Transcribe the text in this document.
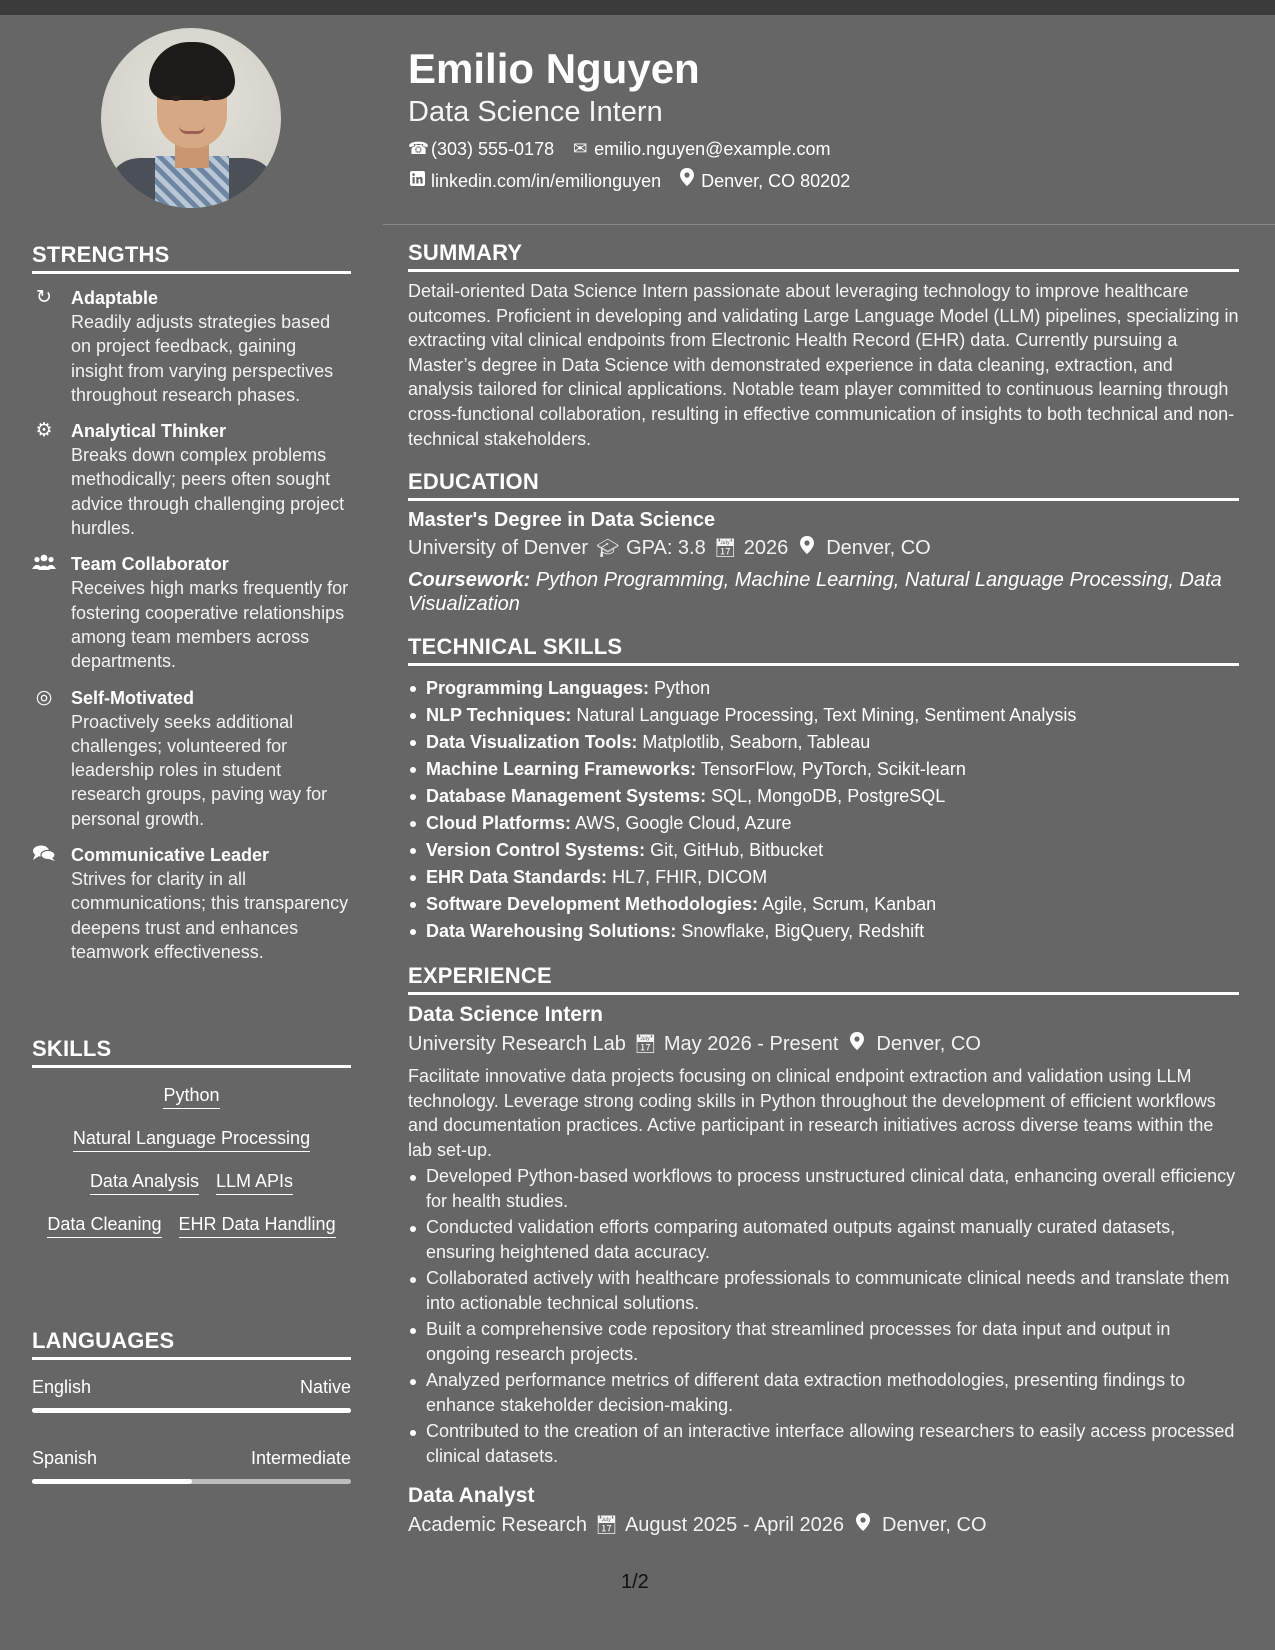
STRENGTHS
↻ Adaptable
Readily adjusts strategies based on project feedback, gaining insight from varying perspectives throughout research phases.
⚙ Analytical Thinker
Breaks down complex problems methodically; peers often sought advice through challenging project hurdles.
Team Collaborator
Receives high marks frequently for fostering cooperative relationships among team members across departments.
◎ Self-Motivated
Proactively seeks additional challenges; volunteered for leadership roles in student research groups, paving way for personal growth.
Communicative Leader
Strives for clarity in all communications; this transparency deepens trust and enhances teamwork effectiveness.
SKILLS
Python
Natural Language Processing
Data Analysis LLM APIs
Data Cleaning EHR Data Handling
LANGUAGES
English	Native
Spanish	Intermediate
Emilio Nguyen
Data Science Intern
☎ (303) 555-0178 ✉ emilio.nguyen@example.com
linkedin.com/in/emilionguyen Denver, CO 80202
SUMMARY
Detail-oriented Data Science Intern passionate about leveraging technology to improve healthcare outcomes. Proficient in developing and validating Large Language Model (LLM) pipelines, specializing in extracting vital clinical endpoints from Electronic Health Record (EHR) data. Currently pursuing a Master’s degree in Data Science with demonstrated experience in data cleaning, extraction, and analysis tailored for clinical applications. Notable team player committed to continuous learning through cross-functional collaboration, resulting in effective communication of insights to both technical and non-technical stakeholders.
EDUCATION
Master's Degree in Data Science
University of Denver 🎓︎ GPA: 3.8 📅︎ 2026 Denver, CO
Coursework: Python Programming, Machine Learning, Natural Language Processing, Data Visualization
TECHNICAL SKILLS
Programming Languages: Python
NLP Techniques: Natural Language Processing, Text Mining, Sentiment Analysis
Data Visualization Tools: Matplotlib, Seaborn, Tableau
Machine Learning Frameworks: TensorFlow, PyTorch, Scikit-learn
Database Management Systems: SQL, MongoDB, PostgreSQL
Cloud Platforms: AWS, Google Cloud, Azure
Version Control Systems: Git, GitHub, Bitbucket
EHR Data Standards: HL7, FHIR, DICOM
Software Development Methodologies: Agile, Scrum, Kanban
Data Warehousing Solutions: Snowflake, BigQuery, Redshift
EXPERIENCE
Data Science Intern
University Research Lab 📅︎ May 2026 - Present Denver, CO
Facilitate innovative data projects focusing on clinical endpoint extraction and validation using LLM technology. Leverage strong coding skills in Python throughout the development of efficient workflows and documentation practices. Active participant in research initiatives across diverse teams within the lab set-up.
Developed Python-based workflows to process unstructured clinical data, enhancing overall efficiency for health studies.
Conducted validation efforts comparing automated outputs against manually curated datasets, ensuring heightened data accuracy.
Collaborated actively with healthcare professionals to communicate clinical needs and translate them into actionable technical solutions.
Built a comprehensive code repository that streamlined processes for data input and output in ongoing research projects.
Analyzed performance metrics of different data extraction methodologies, presenting findings to enhance stakeholder decision-making.
Contributed to the creation of an interactive interface allowing researchers to easily access processed clinical datasets.
Data Analyst
Academic Research 📅︎ August 2025 - April 2026 Denver, CO
1/2
